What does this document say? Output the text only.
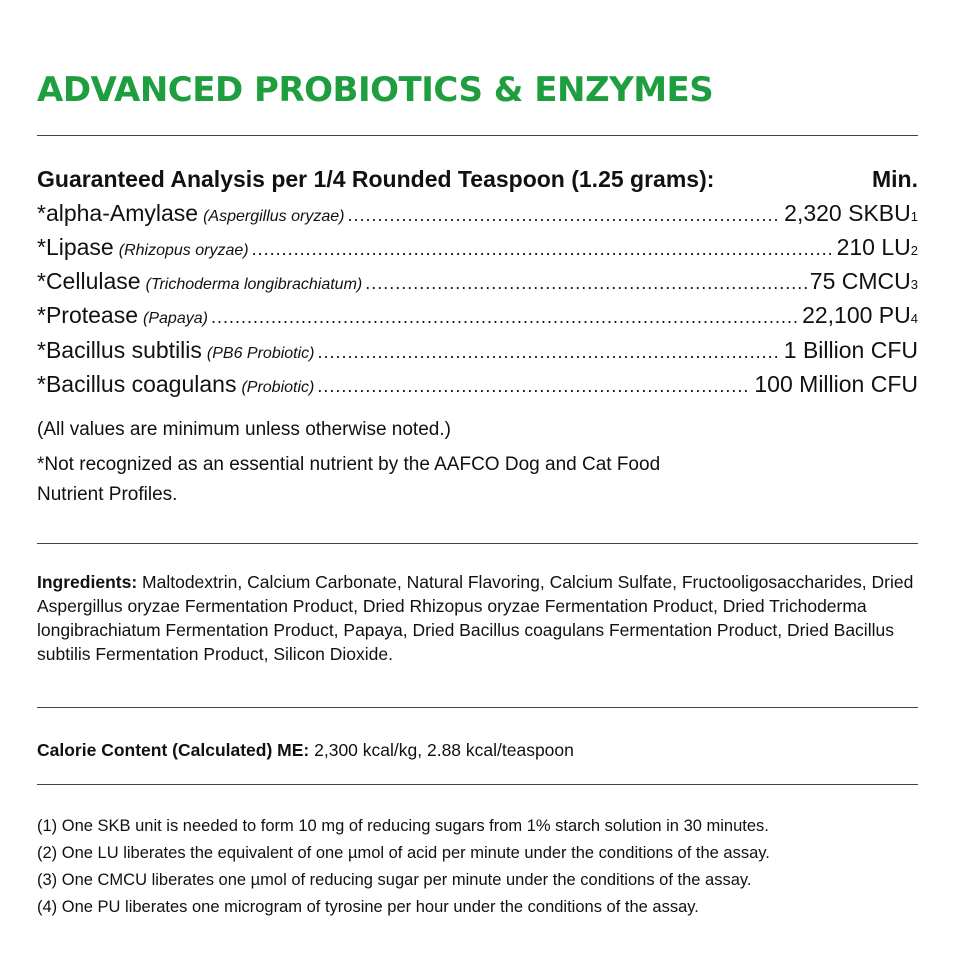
ADVANCED PROBIOTICS & ENZYMES
Guaranteed Analysis per 1/4 Rounded Teaspoon (1.25 grams):	Min.
*alpha-Amylase (Aspergillus oryzae) .....	2,320 SKBU 1
*Lipase (Rhizopus oryzae) .....	210 LU 2
*Cellulase (Trichoderma longibrachiatum) .....	75 CMCU 3
*Protease (Papaya) .....	22,100 PU 4
*Bacillus subtilis (PB6 Probiotic) .....	1 Billion CFU
*Bacillus coagulans (Probiotic) .....	100 Million CFU
(All values are minimum unless otherwise noted.)
*Not recognized as an essential nutrient by the AAFCO Dog and Cat Food
Nutrient Profiles.
Ingredients: Maltodextrin, Calcium Carbonate, Natural Flavoring, Calcium Sulfate, Fructooligosaccharides, Dried Aspergillus oryzae Fermentation Product, Dried Rhizopus oryzae Fermentation Product, Dried Trichoderma longibrachiatum Fermentation Product, Papaya, Dried Bacillus coagulans Fermentation Product, Dried Bacillus subtilis Fermentation Product, Silicon Dioxide.
Calorie Content (Calculated) ME: 2,300 kcal/kg, 2.88 kcal/teaspoon
(1) One SKB unit is needed to form 10 mg of reducing sugars from 1% starch solution in 30 minutes.
(2) One LU liberates the equivalent of one µmol of acid per minute under the conditions of the assay.
(3) One CMCU liberates one µmol of reducing sugar per minute under the conditions of the assay.
(4) One PU liberates one microgram of tyrosine per hour under the conditions of the assay.
